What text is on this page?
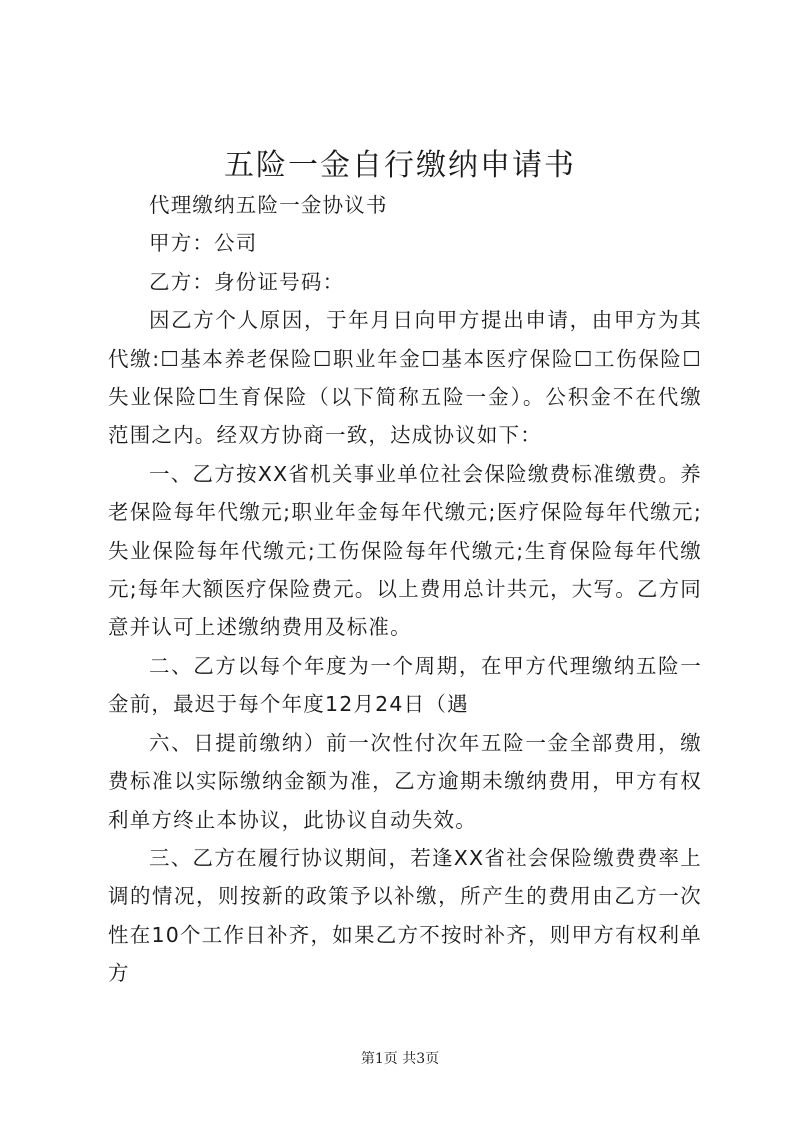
五险一金自行缴纳申请书

代理缴纳五险一金协议书

甲方：公司

乙方：身份证号码：

因乙方个人原因，于年月日向甲方提出申请，由甲方为其代缴:☐基本养老保险☐职业年金☐基本医疗保险☐工伤保险☐失业保险☐生育保险（以下简称五险一金）。公积金不在代缴范围之内。经双方协商一致，达成协议如下：

一、乙方按XX省机关事业单位社会保险缴费标准缴费。养老保险每年代缴元;职业年金每年代缴元;医疗保险每年代缴元;失业保险每年代缴元;工伤保险每年代缴元;生育保险每年代缴元;每年大额医疗保险费元。以上费用总计共元，大写。乙方同意并认可上述缴纳费用及标准。

二、乙方以每个年度为一个周期，在甲方代理缴纳五险一金前，最迟于每个年度12月24日（遇

六、日提前缴纳）前一次性付次年五险一金全部费用，缴费标准以实际缴纳金额为准，乙方逾期未缴纳费用，甲方有权利单方终止本协议，此协议自动失效。

三、乙方在履行协议期间，若逢XX省社会保险缴费费率上调的情况，则按新的政策予以补缴，所产生的费用由乙方一次性在10个工作日补齐，如果乙方不按时补齐，则甲方有权利单方

第1页 共3页
